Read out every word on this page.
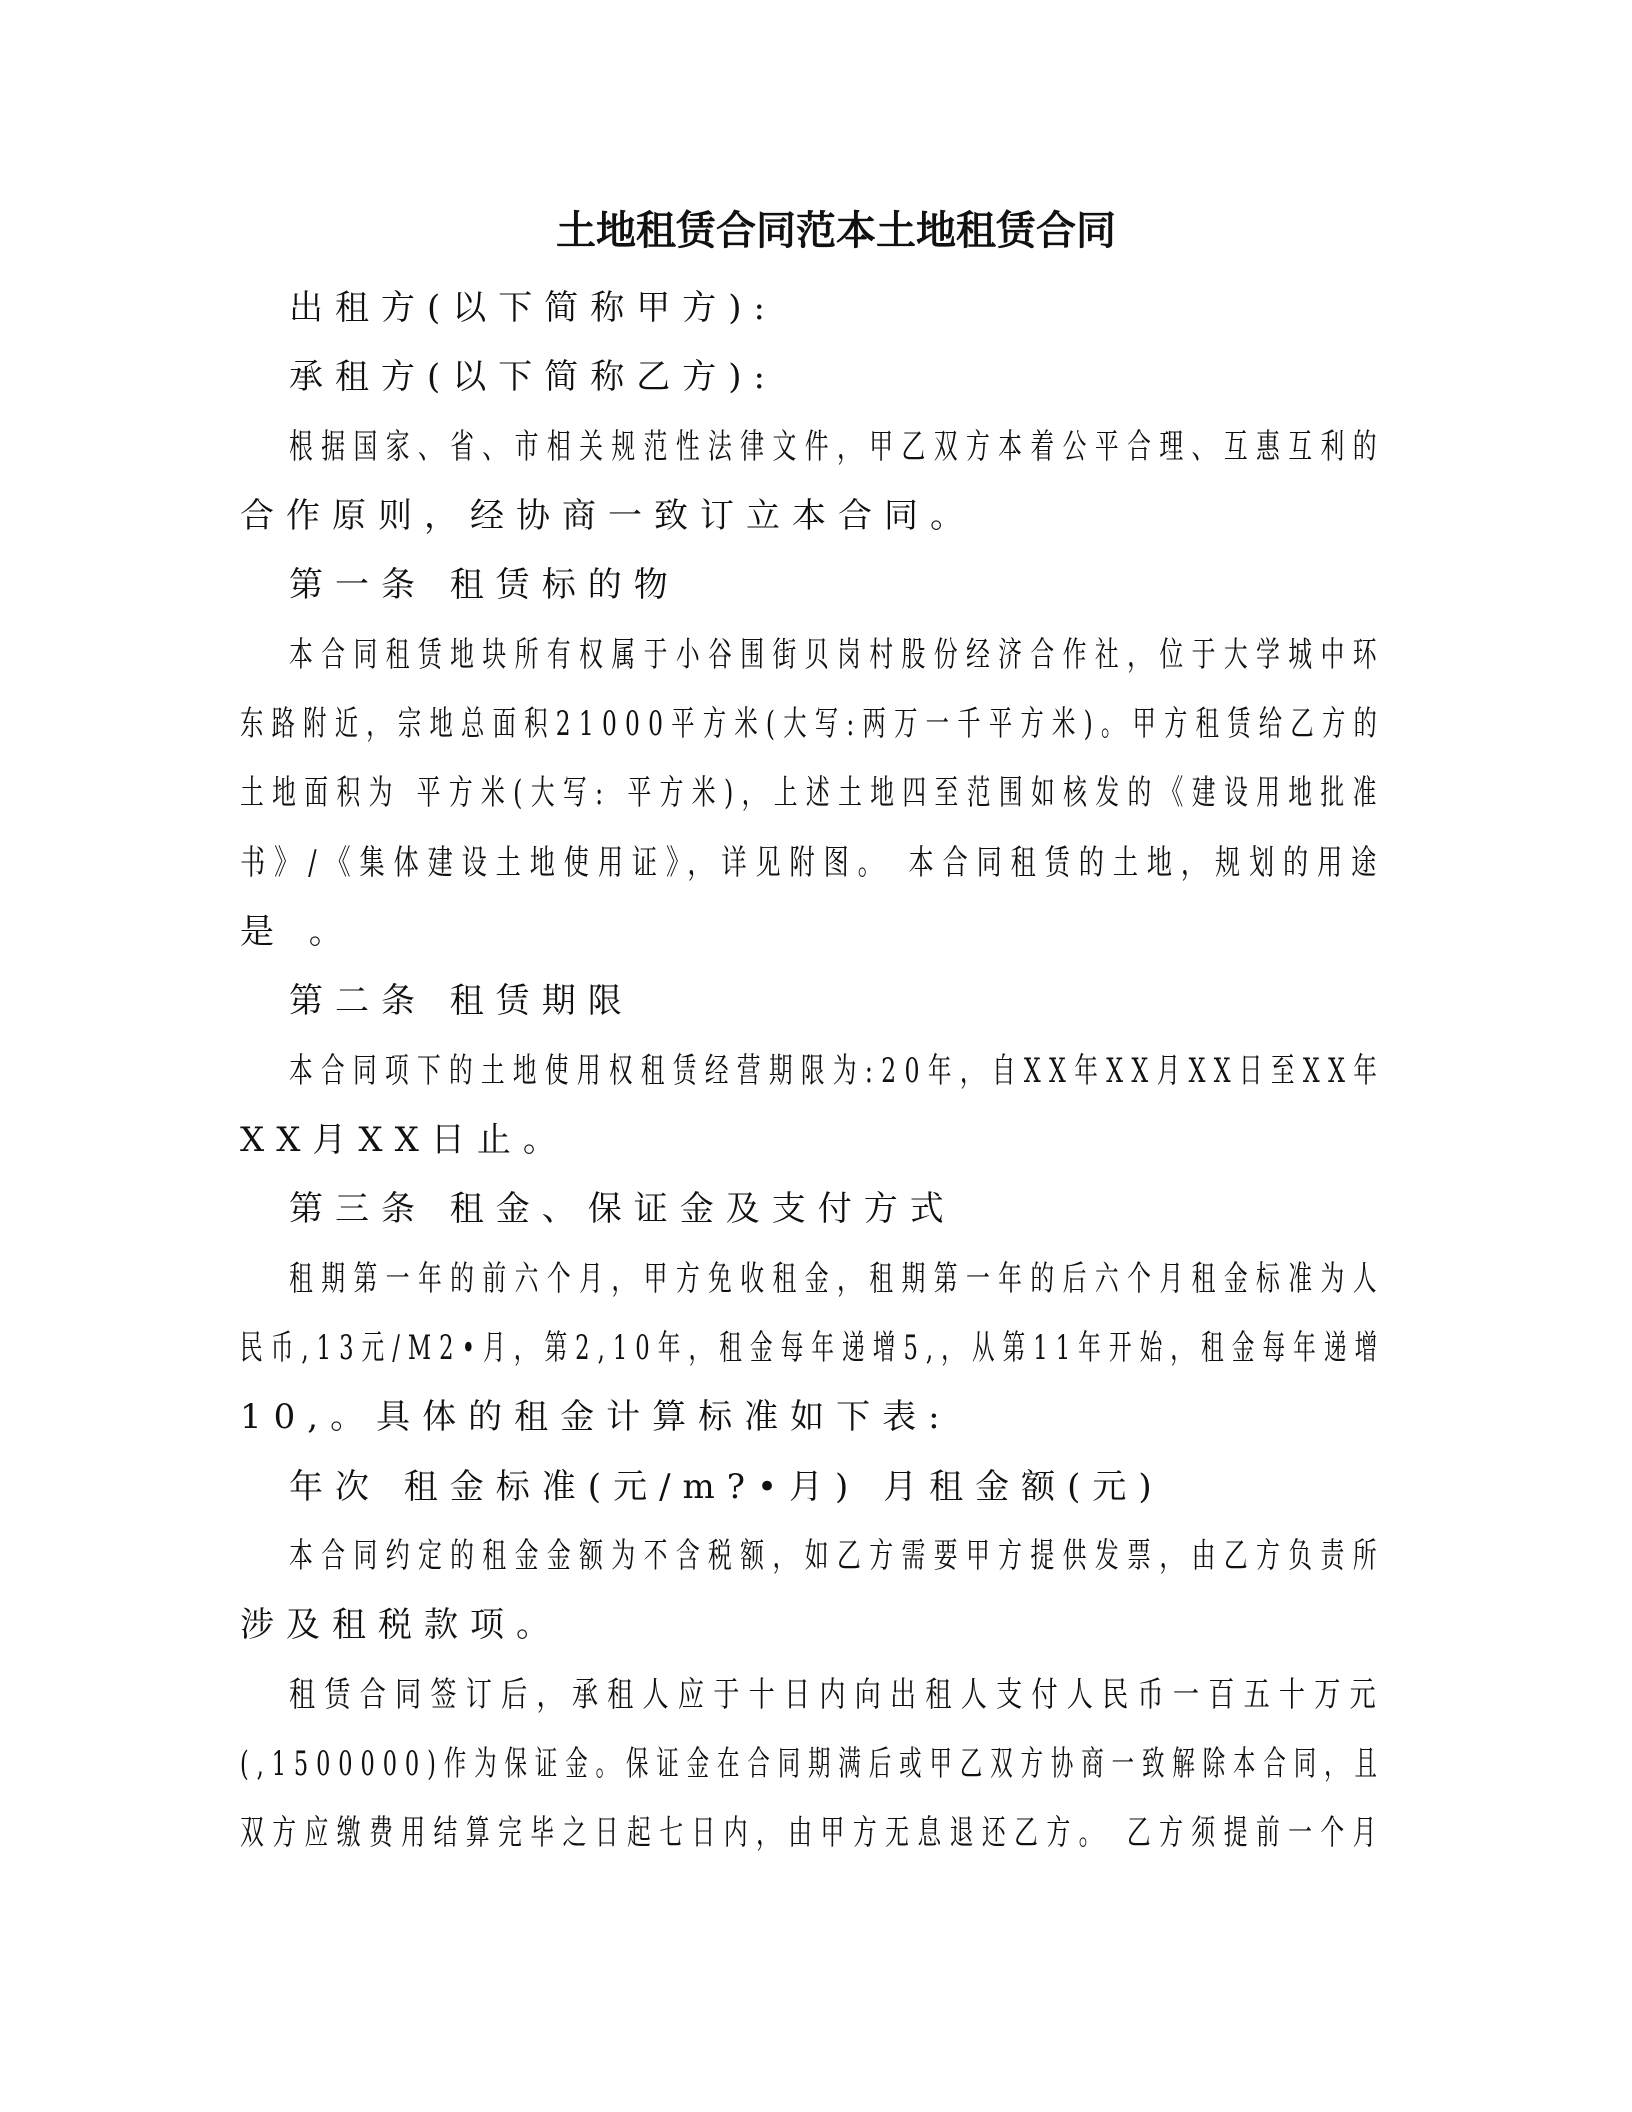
土地租赁合同范本土地租赁合同
出租方(以下简称甲方):
承租方(以下简称乙方):
根据国家、省、市相关规范性法律文件，甲乙双方本着公平合理、互惠互利的
合作原则，经协商一致订立本合同。
第一条 租赁标的物
本合同租赁地块所有权属于小谷围街贝岗村股份经济合作社，位于大学城中环
东路附近，宗地总面积21000平方米(大写:两万一千平方米)。甲方租赁给乙方的
土地面积为 平方米(大写: 平方米)，上述土地四至范围如核发的《建设用地批准
书》/《集体建设土地使用证》，详见附图。 本合同租赁的土地，规划的用途
是 。
第二条 租赁期限
本合同项下的土地使用权租赁经营期限为:20年，自XX年XX月XX日至XX年
XX月XX日止。
第三条 租金、保证金及支付方式
租期第一年的前六个月，甲方免收租金，租期第一年的后六个月租金标准为人
民币,13元/M2•月，第2,10年，租金每年递增5,，从第11年开始，租金每年递增
10,。具体的租金计算标准如下表:
年次 租金标准(元/m?•月) 月租金额(元)
本合同约定的租金金额为不含税额，如乙方需要甲方提供发票，由乙方负责所
涉及租税款项。
租赁合同签订后，承租人应于十日内向出租人支付人民币一百五十万元
(,1500000)作为保证金。保证金在合同期满后或甲乙双方协商一致解除本合同，且
双方应缴费用结算完毕之日起七日内，由甲方无息退还乙方。 乙方须提前一个月
